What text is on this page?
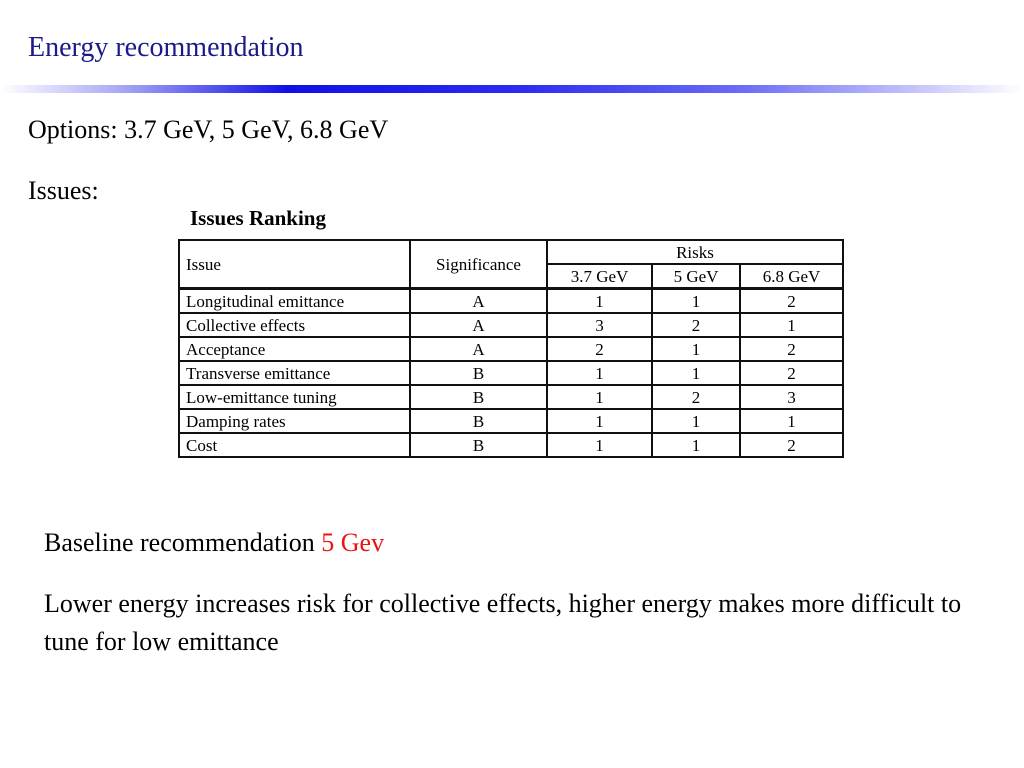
Energy recommendation
Options: 3.7 GeV, 5 GeV, 6.8 GeV
Issues:
Issues Ranking
Issue	Significance	Risks		
		3.7 GeV	5 GeV	6.8 GeV
Longitudinal emittance	A	1	1	2
Collective effects	A	3	2	1
Acceptance	A	2	1	2
Transverse emittance	B	1	1	2
Low-emittance tuning	B	1	2	3
Damping rates	B	1	1	1
Cost	B	1	1	2
Baseline recommendation 5 Gev
Lower energy increases risk for collective effects, higher energy makes more difficult to tune for low emittance
